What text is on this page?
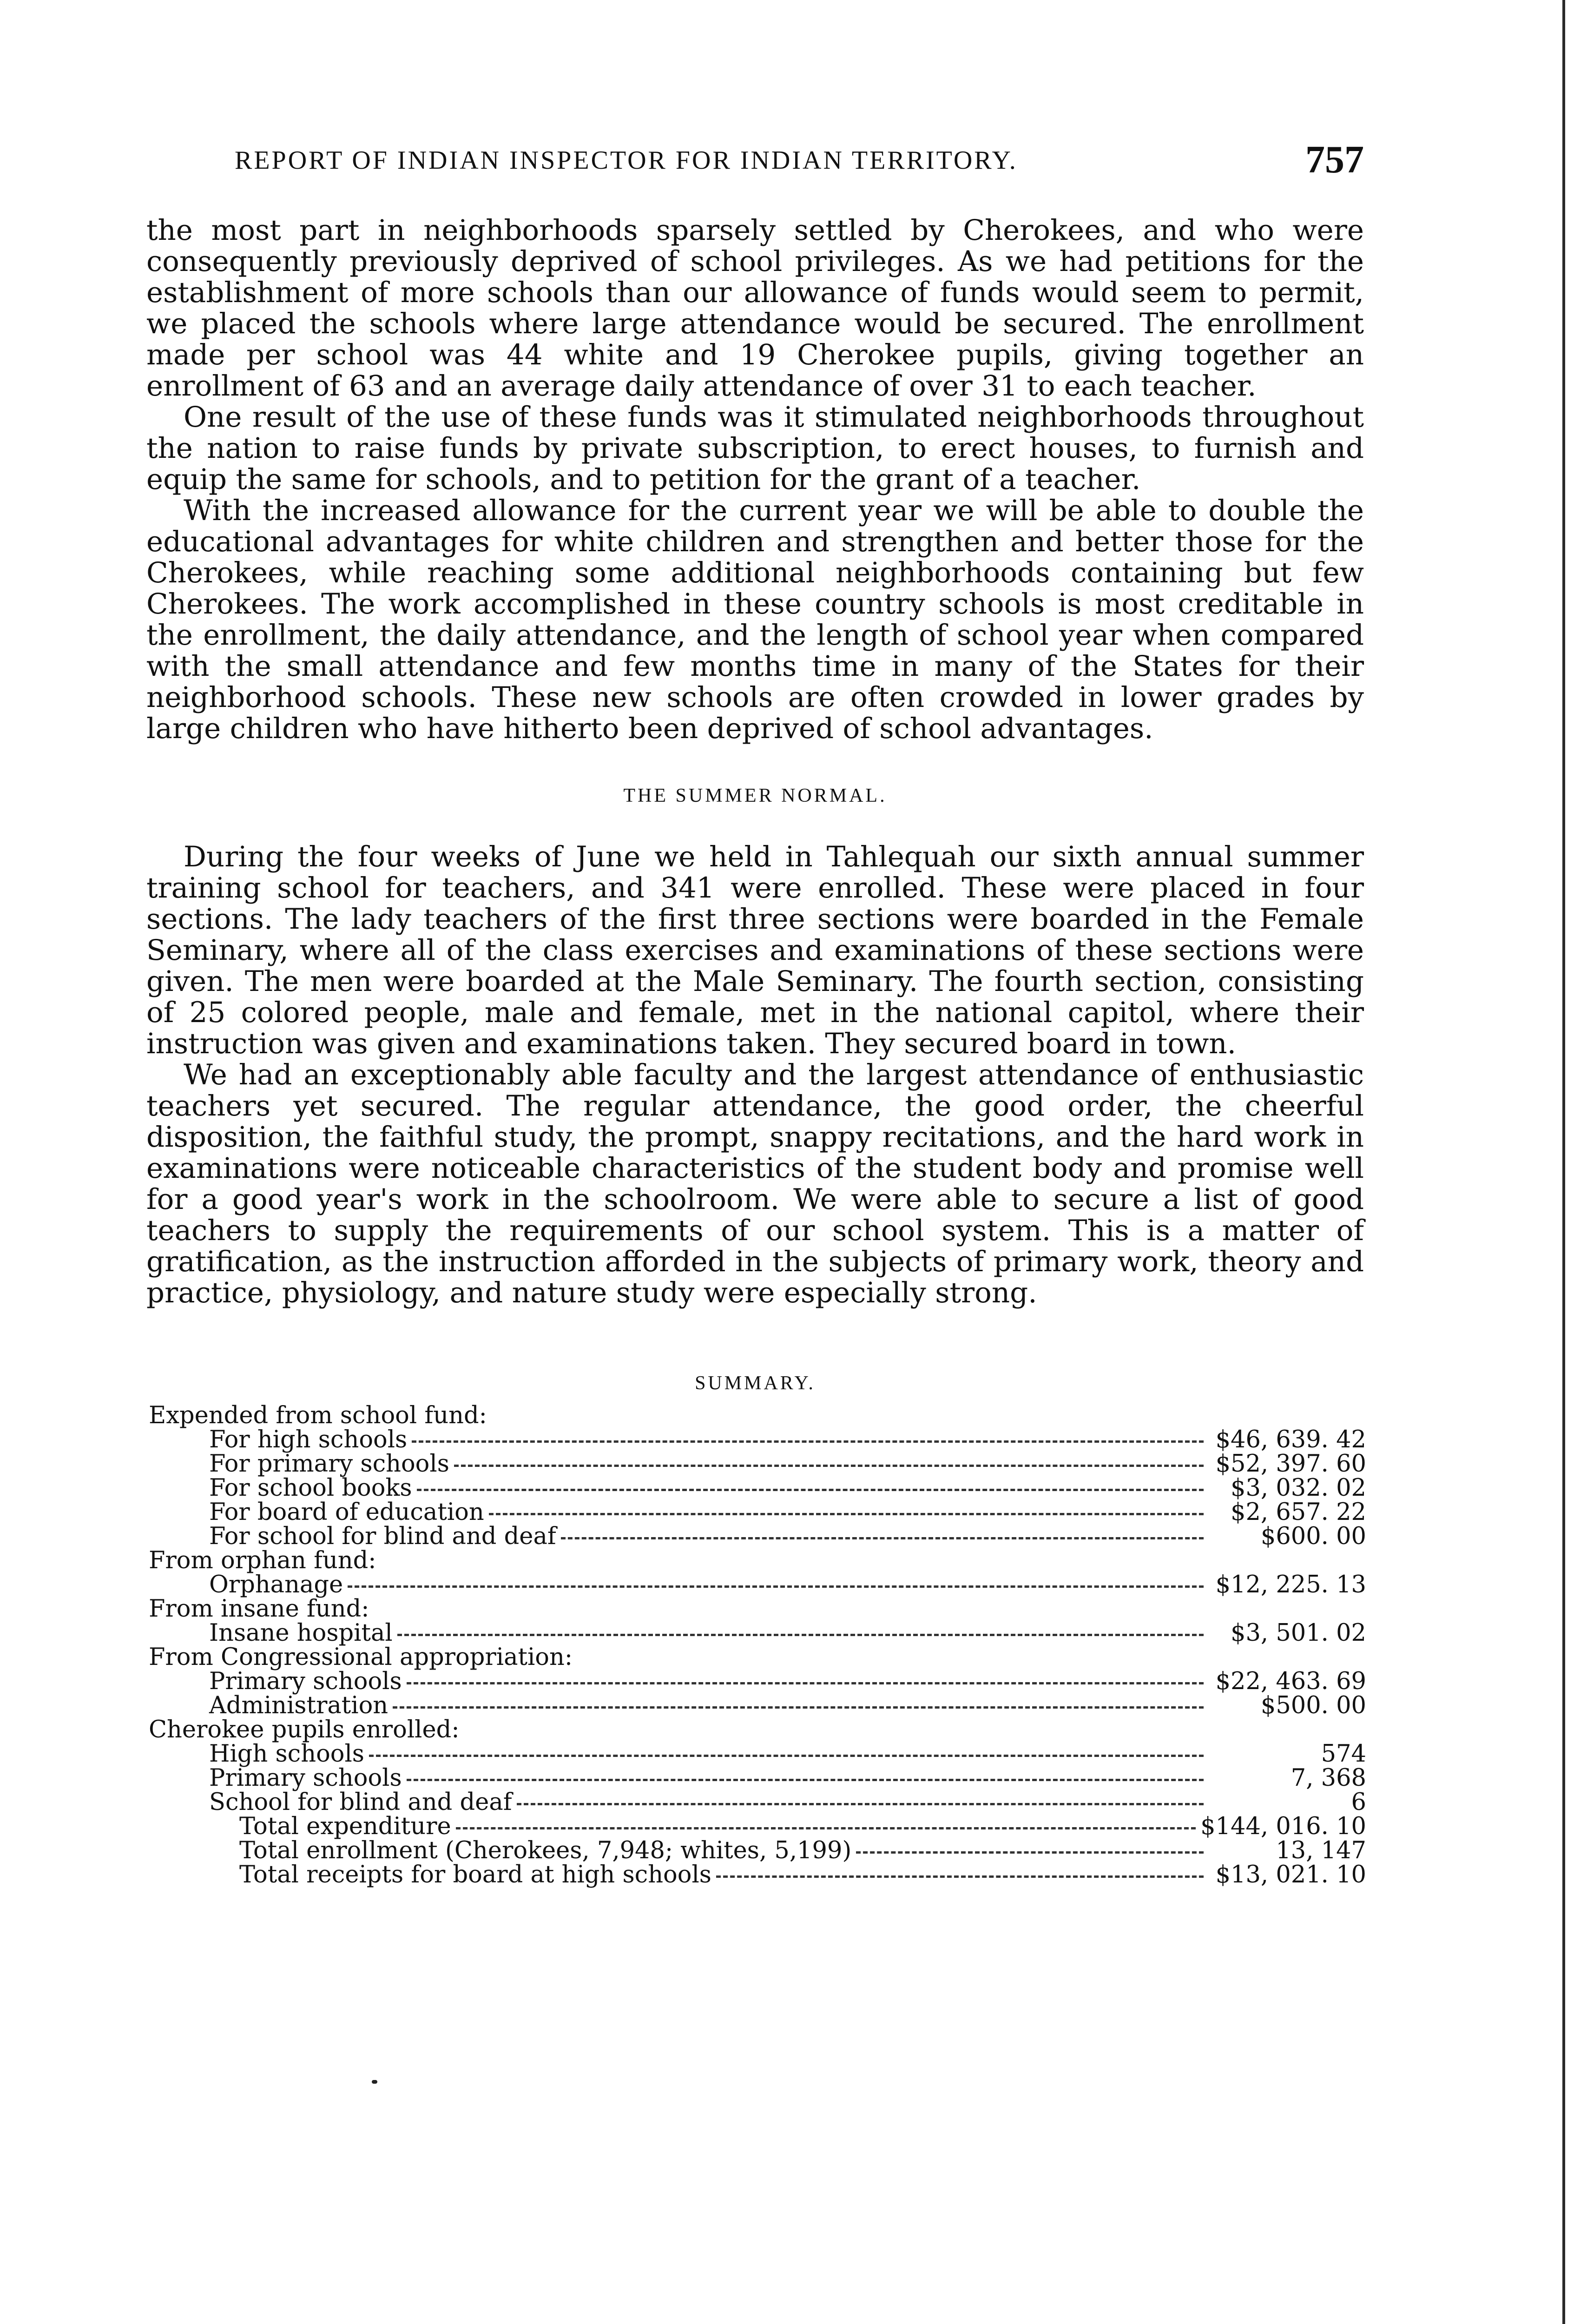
REPORT OF INDIAN INSPECTOR FOR INDIAN TERRITORY.	757

the most part in neighborhoods sparsely settled by Cherokees, and who were consequently previously deprived of school privileges. As we had petitions for the establishment of more schools than our allowance of funds would seem to permit, we placed the schools where large attendance would be secured. The enrollment made per school was 44 white and 19 Cherokee pupils, giving together an enrollment of 63 and an average daily attendance of over 31 to each teacher.

One result of the use of these funds was it stimulated neighborhoods throughout the nation to raise funds by private subscription, to erect houses, to furnish and equip the same for schools, and to petition for the grant of a teacher.

With the increased allowance for the current year we will be able to double the educational advantages for white children and strengthen and better those for the Cherokees, while reaching some additional neighborhoods containing but few Cherokees. The work accomplished in these country schools is most creditable in the enrollment, the daily attendance, and the length of school year when compared with the small attendance and few months time in many of the States for their neighborhood schools. These new schools are often crowded in lower grades by large children who have hitherto been deprived of school advantages.

THE SUMMER NORMAL.

During the four weeks of June we held in Tahlequah our sixth annual summer training school for teachers, and 341 were enrolled. These were placed in four sections. The lady teachers of the first three sections were boarded in the Female Seminary, where all of the class exercises and examinations of these sections were given. The men were boarded at the Male Seminary. The fourth section, consisting of 25 colored people, male and female, met in the national capitol, where their instruction was given and examinations taken. They secured board in town.

We had an exceptionably able faculty and the largest attendance of enthusiastic teachers yet secured. The regular attendance, the good order, the cheerful disposition, the faithful study, the prompt, snappy recitations, and the hard work in examinations were noticeable characteristics of the student body and promise well for a good year's work in the schoolroom. We were able to secure a list of good teachers to supply the requirements of our school system. This is a matter of gratification, as the instruction afforded in the subjects of primary work, theory and practice, physiology, and nature study were especially strong.

SUMMARY.
Expended from school fund:
For high schools	$46, 639. 42
For primary schools	$52, 397. 60
For school books	$3, 032. 02
For board of education	$2, 657. 22
For school for blind and deaf	$600. 00
From orphan fund:
Orphanage	$12, 225. 13
From insane fund:
Insane hospital	$3, 501. 02
From Congressional appropriation:
Primary schools	$22, 463. 69
Administration	$500. 00
Cherokee pupils enrolled:
High schools	574
Primary schools	7, 368
School for blind and deaf	6
Total expenditure	$144, 016. 10
Total enrollment (Cherokees, 7,948; whites, 5,199)	13, 147
Total receipts for board at high schools	$13, 021. 10
